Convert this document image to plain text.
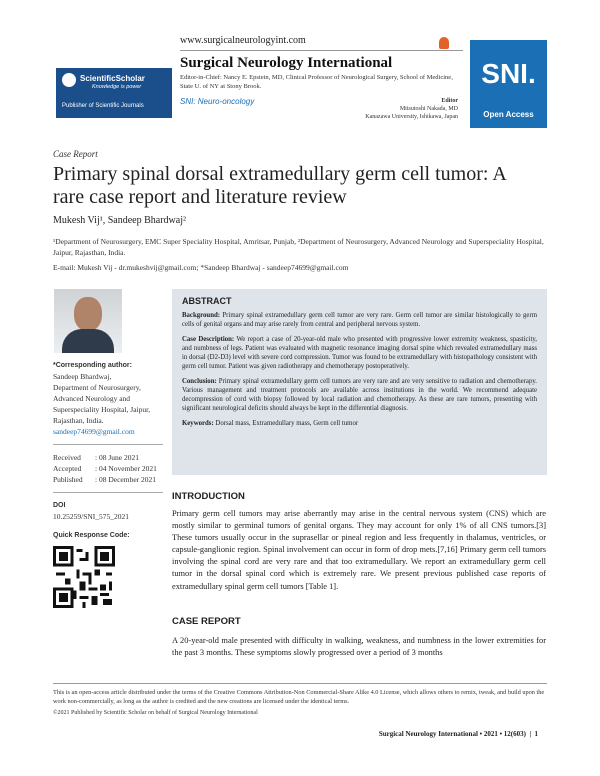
ScientificScholar
Knowledge is power
Publisher of Scientific Journals
www.surgicalneurologyint.com
Surgical Neurology International
Editor-in-Chief: Nancy E. Epstein, MD, Clinical Professor of Neurological Surgery, School of Medicine, State U. of NY at Stony Brook.
SNI: Neuro-oncology	Editor
Mitsutoshi Nakada, MD
Kanazawa University, Ishikawa, Japan
SNI.
Open Access
Case Report
Primary spinal dorsal extramedullary germ cell tumor: A rare case report and literature review
Mukesh Vij¹, Sandeep Bhardwaj²
¹Department of Neurosurgery, EMC Super Speciality Hospital, Amritsar, Punjab, ²Department of Neurosurgery, Advanced Neurology and Superspeciality Hospital, Jaipur, Rajasthan, India.
E-mail: Mukesh Vij - dr.mukeshvij@gmail.com; *Sandeep Bhardwaj - sandeep74699@gmail.com
*Corresponding author:
Sandeep Bhardwaj,
Department of Neurosurgery, Advanced Neurology and Superspeciality Hospital, Jaipur, Rajasthan, India.
sandeep74699@gmail.com
Received	: 08 June 2021
Accepted	: 04 November 2021
Published	: 08 December 2021
DOI
10.25259/SNI_575_2021
Quick Response Code:
ABSTRACT

Background: Primary spinal extramedullary germ cell tumor are very rare. Germ cell tumor are similar histologically to germ cells of genital organs and may arise rarely from central and peripheral nervous system.

Case Description: We report a case of 20-year-old male who presented with progressive lower extremity weakness, spasticity, and numbness of legs. Patient was evaluated with magnetic resonance imaging dorsal spine which revealed extramedullary mass in dorsal (D2-D3) level with severe cord compression. Tumor was found to be extramedullary with histopathology consistent with germ cell tumor. Patient was given radiotherapy and chemotherapy postoperatively.

Conclusion: Primary spinal extramedullary germ cell tumors are very rare and are very sensitive to radiation and chemotherapy. Various management and treatment protocols are available across institutions in the world. We recommend adequate decompression of cord with biopsy followed by local radiation and chemotherapy. As these are rare tumors, presenting with significant neurological deficits should always be kept in the differential diagnosis.

Keywords: Dorsal mass, Extramedullary mass, Germ cell tumor

INTRODUCTION
Primary germ cell tumors may arise aberrantly may arise in the central nervous system (CNS) which are mostly similar to germinal tumors of genital organs. They may account for only 1% of all CNS tumors.[3] These tumors usually occur in the suprasellar or pineal region and less frequently in thalamus, ventricles, or capsule-ganglionic region. Spinal involvement can occur in form of drop mets.[7,16] Primary germ cell tumors involving the spinal cord are very rare and that too extramedullary. We report an extramedullary germ cell tumor in the dorsal spinal cord which is extremely rare. We present previous published case reports of extramedullary spinal germ cell tumors [Table 1].
CASE REPORT
A 20-year-old male presented with difficulty in walking, weakness, and numbness in the lower extremities for the past 3 months. These symptoms slowly progressed over a period of 3 months
This is an open-access article distributed under the terms of the Creative Commons Attribution-Non Commercial-Share Alike 4.0 License, which allows others to remix, tweak, and build upon the work non-commercially, as long as the author is credited and the new creations are licensed under the identical terms.
©2021 Published by Scientific Scholar on behalf of Surgical Neurology International
Surgical Neurology International • 2021 • 12(603)  |  1
